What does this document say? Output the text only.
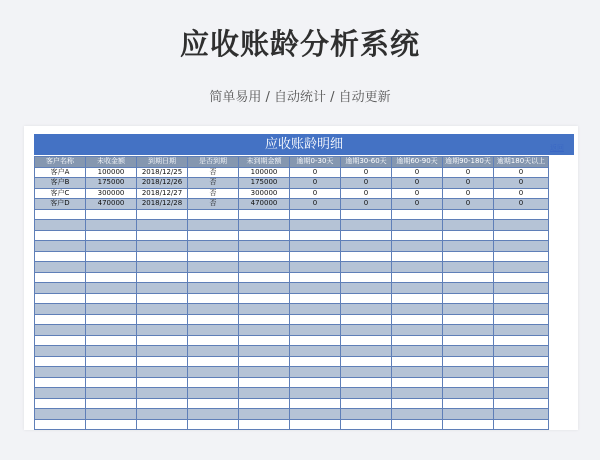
应收账龄分析系统
简单易用 / 自动统计 / 自动更新
应收账龄明细	返回
客户名称	未收金额	到期日期	是否到期	未到期金额	逾期0-30天	逾期30-60天	逾期60-90天	逾期90-180天	逾期180天以上
客户A	100000	2018/12/25	否	100000	0	0	0	0	0
客户B	175000	2018/12/26	否	175000	0	0	0	0	0
客户C	300000	2018/12/27	否	300000	0	0	0	0	0
客户D	470000	2018/12/28	否	470000	0	0	0	0	0
